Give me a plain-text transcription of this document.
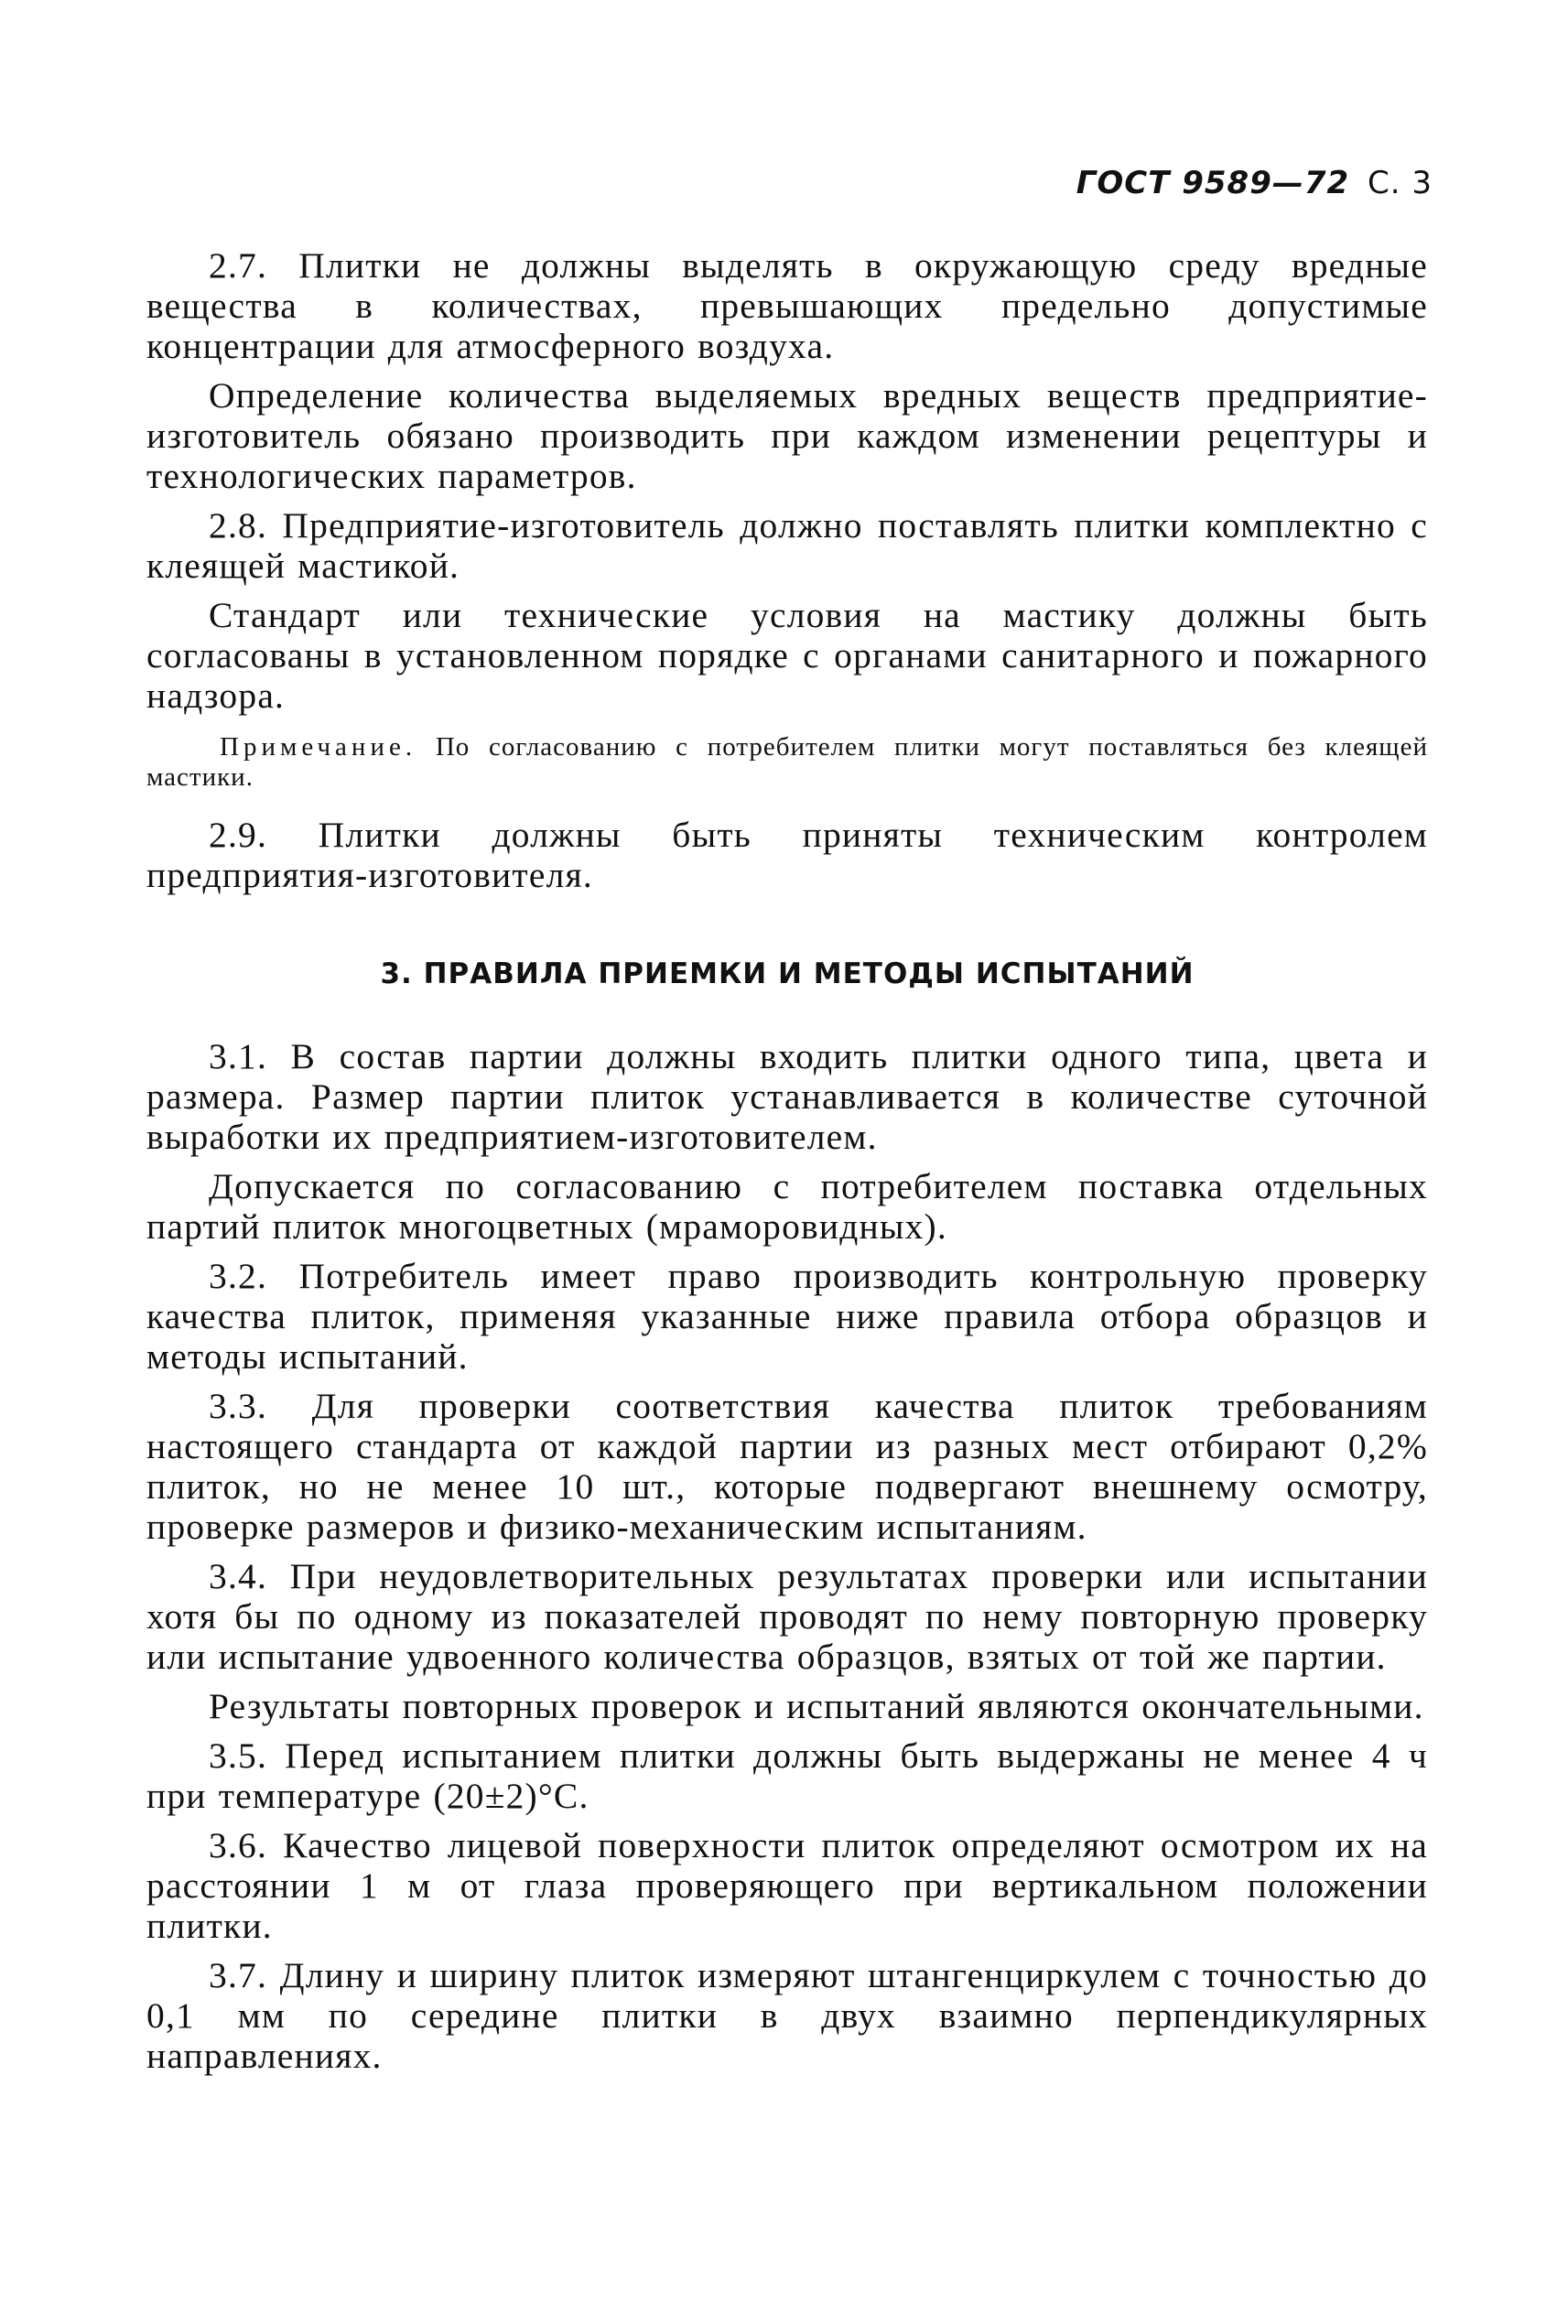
ГОСТ 9589—72 С. 3

2.7. Плитки не должны выделять в окружающую среду вредные вещества в количествах, превышающих предельно допустимые концентрации для атмосферного воздуха.

Определение количества выделяемых вредных веществ предприятие-изготовитель обязано производить при каждом изменении рецептуры и технологических параметров.

2.8. Предприятие-изготовитель должно поставлять плитки комплектно с клеящей мастикой.

Стандарт или технические условия на мастику должны быть согласованы в установленном порядке с органами санитарного и пожарного надзора.

Примечание. По согласованию с потребителем плитки могут поставляться без клеящей мастики.

2.9. Плитки должны быть приняты техническим контролем предприятия-изготовителя.

3. ПРАВИЛА ПРИЕМКИ И МЕТОДЫ ИСПЫТАНИЙ

3.1. В состав партии должны входить плитки одного типа, цвета и размера. Размер партии плиток устанавливается в количестве суточной выработки их предприятием-изготовителем.

Допускается по согласованию с потребителем поставка отдельных партий плиток многоцветных (мраморовидных).

3.2. Потребитель имеет право производить контрольную проверку качества плиток, применяя указанные ниже правила отбора образцов и методы испытаний.

3.3. Для проверки соответствия качества плиток требованиям настоящего стандарта от каждой партии из разных мест отбирают 0,2% плиток, но не менее 10 шт., которые подвергают внешнему осмотру, проверке размеров и физико-механическим испытаниям.

3.4. При неудовлетворительных результатах проверки или испытании хотя бы по одному из показателей проводят по нему повторную проверку или испытание удвоенного количества образцов, взятых от той же партии.

Результаты повторных проверок и испытаний являются окончательными.

3.5. Перед испытанием плитки должны быть выдержаны не менее 4 ч при температуре (20±2)°С.

3.6. Качество лицевой поверхности плиток определяют осмотром их на расстоянии 1 м от глаза проверяющего при вертикальном положении плитки.

3.7. Длину и ширину плиток измеряют штангенциркулем с точностью до 0,1 мм по середине плитки в двух взаимно перпендикулярных направлениях.
